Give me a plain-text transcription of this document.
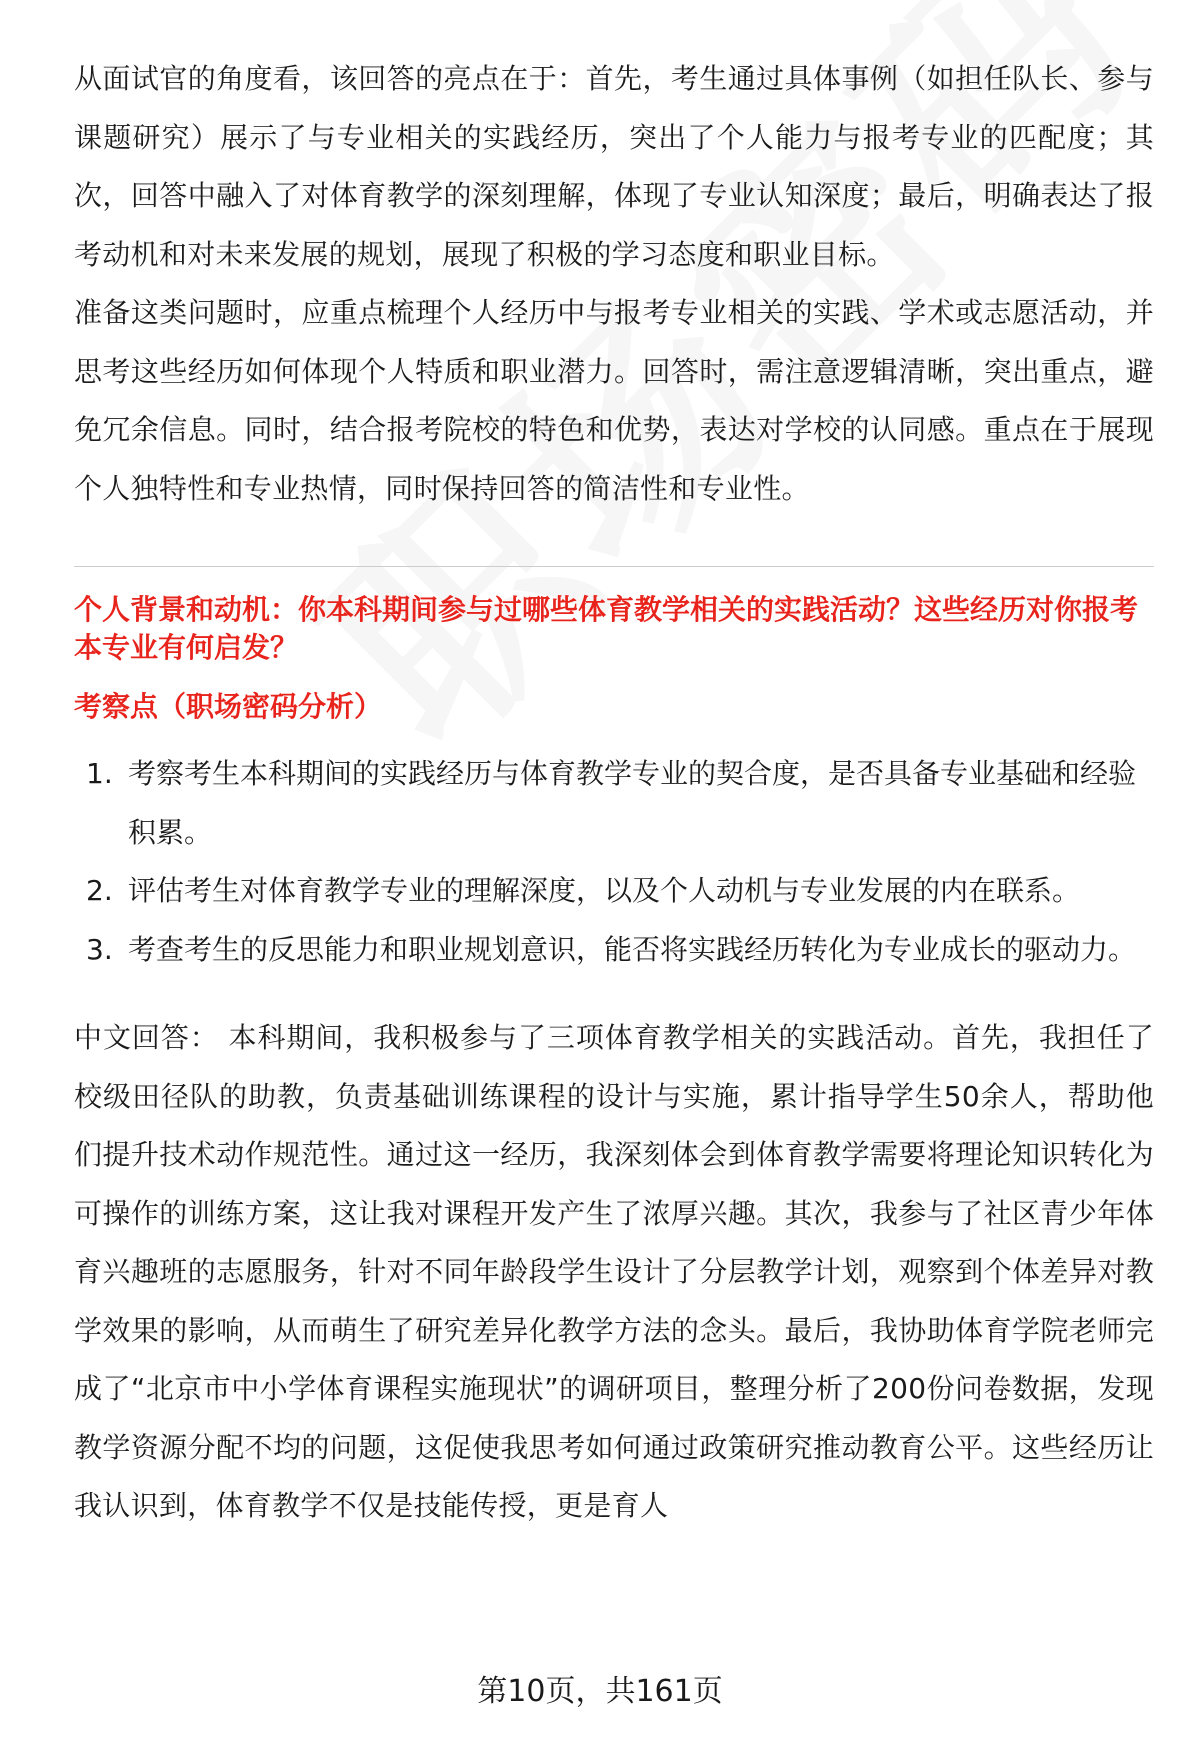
从面试官的角度看，该回答的亮点在于：首先，考生通过具体事例（如担任队长、参与课题研究）展示了与专业相关的实践经历，突出了个人能力与报考专业的匹配度；其次，回答中融入了对体育教学的深刻理解，体现了专业认知深度；最后，明确表达了报考动机和对未来发展的规划，展现了积极的学习态度和职业目标。

准备这类问题时，应重点梳理个人经历中与报考专业相关的实践、学术或志愿活动，并思考这些经历如何体现个人特质和职业潜力。回答时，需注意逻辑清晰，突出重点，避免冗余信息。同时，结合报考院校的特色和优势，表达对学校的认同感。重点在于展现个人独特性和专业热情，同时保持回答的简洁性和专业性。

个人背景和动机：你本科期间参与过哪些体育教学相关的实践活动？这些经历对你报考本专业有何启发？
考察点（职场密码分析）
1. 考察考生本科期间的实践经历与体育教学专业的契合度，是否具备专业基础和经验积累。
2. 评估考生对体育教学专业的理解深度，以及个人动机与专业发展的内在联系。
3. 考查考生的反思能力和职业规划意识，能否将实践经历转化为专业成长的驱动力。

中文回答： 本科期间，我积极参与了三项体育教学相关的实践活动。首先，我担任了校级田径队的助教，负责基础训练课程的设计与实施，累计指导学生50余人，帮助他们提升技术动作规范性。通过这一经历，我深刻体会到体育教学需要将理论知识转化为可操作的训练方案，这让我对课程开发产生了浓厚兴趣。其次，我参与了社区青少年体育兴趣班的志愿服务，针对不同年龄段学生设计了分层教学计划，观察到个体差异对教学效果的影响，从而萌生了研究差异化教学方法的念头。最后，我协助体育学院老师完成了“北京市中小学体育课程实施现状”的调研项目，整理分析了200份问卷数据，发现教学资源分配不均的问题，这促使我思考如何通过政策研究推动教育公平。这些经历让我认识到，体育教学不仅是技能传授，更是育人

第10页，共161页
